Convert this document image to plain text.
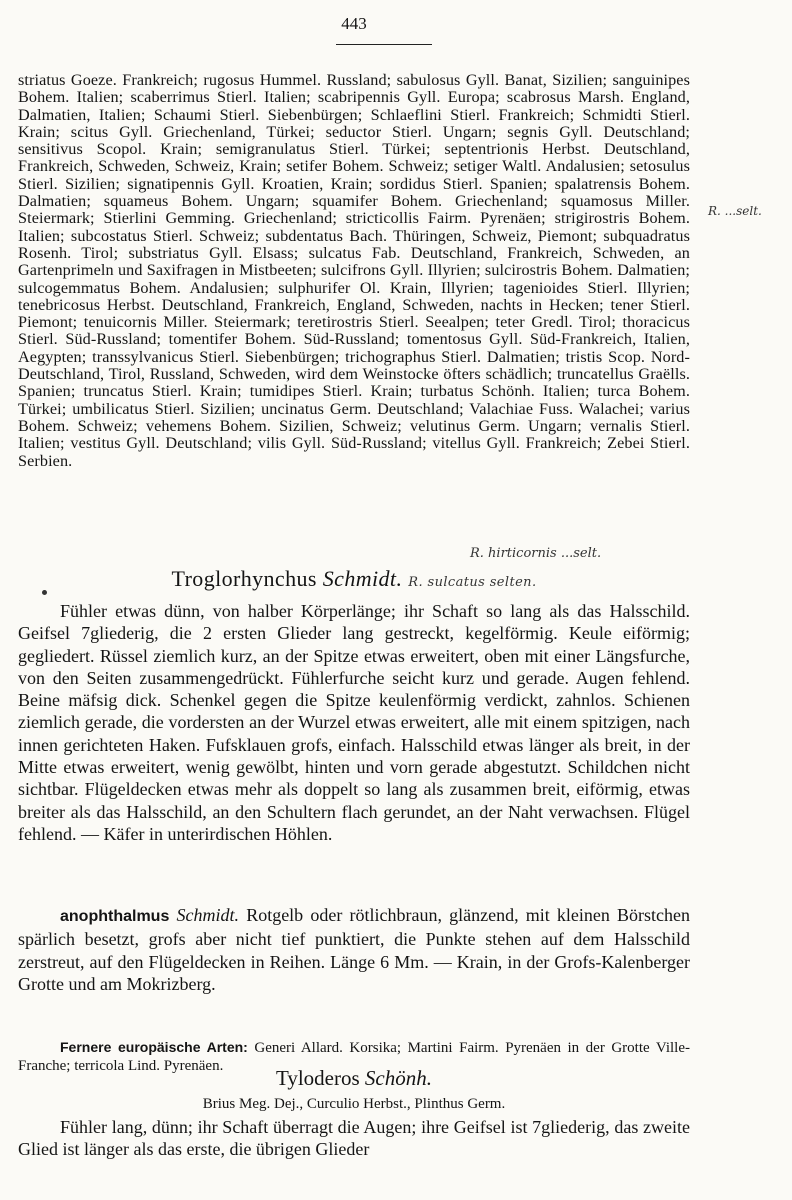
443

striatus Goeze. Frankreich; rugosus Hummel. Russland; sabulosus Gyll. Banat, Sizilien; sanguinipes Bohem. Italien; scaberrimus Stierl. Italien; scabripennis Gyll. Europa; scabrosus Marsh. England, Dalmatien, Italien; Schaumi Stierl. Siebenbürgen; Schlaeflini Stierl. Frankreich; Schmidti Stierl. Krain; scitus Gyll. Griechenland, Türkei; seductor Stierl. Ungarn; segnis Gyll. Deutschland; sensitivus Scopol. Krain; semigranulatus Stierl. Türkei; septentrionis Herbst. Deutschland, Frankreich, Schweden, Schweiz, Krain; setifer Bohem. Schweiz; setiger Waltl. Andalusien; setosulus Stierl. Sizilien; signatipennis Gyll. Kroatien, Krain; sordidus Stierl. Spanien; spalatrensis Bohem. Dalmatien; squameus Bohem. Ungarn; squamifer Bohem. Griechenland; squamosus Miller. Steiermark; Stierlini Gemming. Griechenland; stricticollis Fairm. Pyrenäen; strigirostris Bohem. Italien; subcostatus Stierl. Schweiz; subdentatus Bach. Thüringen, Schweiz, Piemont; subquadratus Rosenh. Tirol; substriatus Gyll. Elsass; sulcatus Fab. Deutschland, Frankreich, Schweden, an Gartenprimeln und Saxifragen in Mistbeeten; sulcifrons Gyll. Illyrien; sulcirostris Bohem. Dalmatien; sulcogemmatus Bohem. Andalusien; sulphurifer Ol. Krain, Illyrien; tagenioides Stierl. Illyrien; tenebricosus Herbst. Deutschland, Frankreich, England, Schweden, nachts in Hecken; tener Stierl. Piemont; tenuicornis Miller. Steiermark; teretirostris Stierl. Seealpen; teter Gredl. Tirol; thoracicus Stierl. Süd-Russland; tomentifer Bohem. Süd-Russland; tomentosus Gyll. Süd-Frankreich, Italien, Aegypten; transsylvanicus Stierl. Siebenbürgen; trichographus Stierl. Dalmatien; tristis Scop. Nord-Deutschland, Tirol, Russland, Schweden, wird dem Weinstocke öfters schädlich; truncatellus Graëlls. Spanien; truncatus Stierl. Krain; tumidipes Stierl. Krain; turbatus Schönh. Italien; turca Bohem. Türkei; umbilicatus Stierl. Sizilien; uncinatus Germ. Deutschland; Valachiae Fuss. Walachei; varius Bohem. Schweiz; vehemens Bohem. Sizilien, Schweiz; velutinus Germ. Ungarn; vernalis Stierl. Italien; vestitus Gyll. Deutschland; vilis Gyll. Süd-Russland; vitellus Gyll. Frankreich; Zebei Stierl. Serbien.

R. ...selt.
R. hirticornis ...selt.
Troglorhynchus Schmidt. R. sulcatus selten.

Fühler etwas dünn, von halber Körperlänge; ihr Schaft so lang als das Halsschild. Geifsel 7gliederig, die 2 ersten Glieder lang gestreckt, kegelförmig. Keule eiförmig; gegliedert. Rüssel ziemlich kurz, an der Spitze etwas erweitert, oben mit einer Längsfurche, von den Seiten zusammengedrückt. Fühlerfurche seicht kurz und gerade. Augen fehlend. Beine mäfsig dick. Schenkel gegen die Spitze keulenförmig verdickt, zahnlos. Schienen ziemlich gerade, die vordersten an der Wurzel etwas erweitert, alle mit einem spitzigen, nach innen gerichteten Haken. Fufsklauen grofs, einfach. Halsschild etwas länger als breit, in der Mitte etwas erweitert, wenig gewölbt, hinten und vorn gerade abgestutzt. Schildchen nicht sichtbar. Flügeldecken etwas mehr als doppelt so lang als zusammen breit, eiförmig, etwas breiter als das Halsschild, an den Schultern flach gerundet, an der Naht verwachsen. Flügel fehlend. — Käfer in unterirdischen Höhlen.

anophthalmus Schmidt. Rotgelb oder rötlichbraun, glänzend, mit kleinen Börstchen spärlich besetzt, grofs aber nicht tief punktiert, die Punkte stehen auf dem Halsschild zerstreut, auf den Flügeldecken in Reihen. Länge 6 Mm. — Krain, in der Grofs-Kalenberger Grotte und am Mokrizberg.

Fernere europäische Arten: Generi Allard. Korsika; Martini Fairm. Pyrenäen in der Grotte Ville-Franche; terricola Lind. Pyrenäen.	Tyloderos Schönh.
Brius Meg. Dej., Curculio Herbst., Plinthus Germ.

Fühler lang, dünn; ihr Schaft überragt die Augen; ihre Geifsel ist 7gliederig, das zweite Glied ist länger als das erste, die übrigen Glieder
